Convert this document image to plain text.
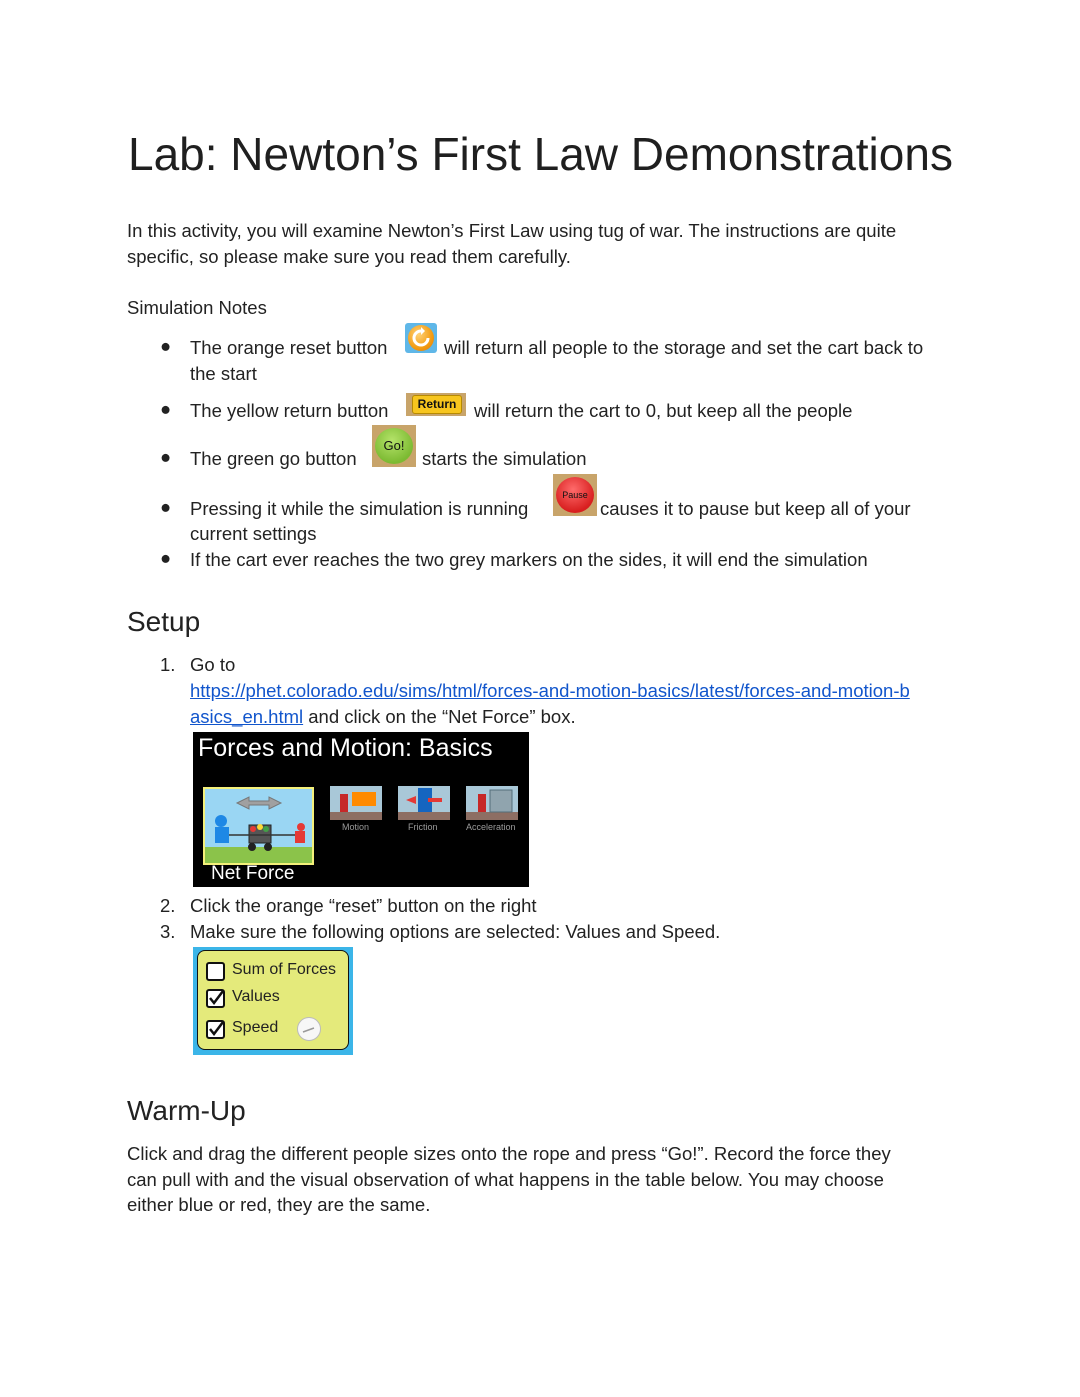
Lab: Newton’s First Law Demonstrations
In this activity, you will examine Newton’s First Law using tug of war. The instructions are quite
specific, so please make sure you read them carefully.
Simulation Notes
● The orange reset button	will return all people to the storage and set the cart back to
the start
● The yellow return button	Return will return the cart to 0, but keep all the people
● The green go button
Go!
starts the simulation
● Pressing it while the simulation is running
Pause
causes it to pause but keep all of your
current settings
● If the cart ever reaches the two grey markers on the sides, it will end the simulation
Setup
1. Go to
https://phet.colorado.edu/sims/html/forces-and-motion-basics/latest/forces-and-motion-b
asics_en.html and click on the “Net Force” box.
Forces and Motion: Basics
Net Force
Motion	Friction	Acceleration
2. Click the orange “reset” button on the right
3. Make sure the following options are selected: Values and Speed.
Sum of Forces
Values
Speed
Warm-Up
Click and drag the different people sizes onto the rope and press “Go!”. Record the force they
can pull with and the visual observation of what happens in the table below. You may choose
either blue or red, they are the same.
